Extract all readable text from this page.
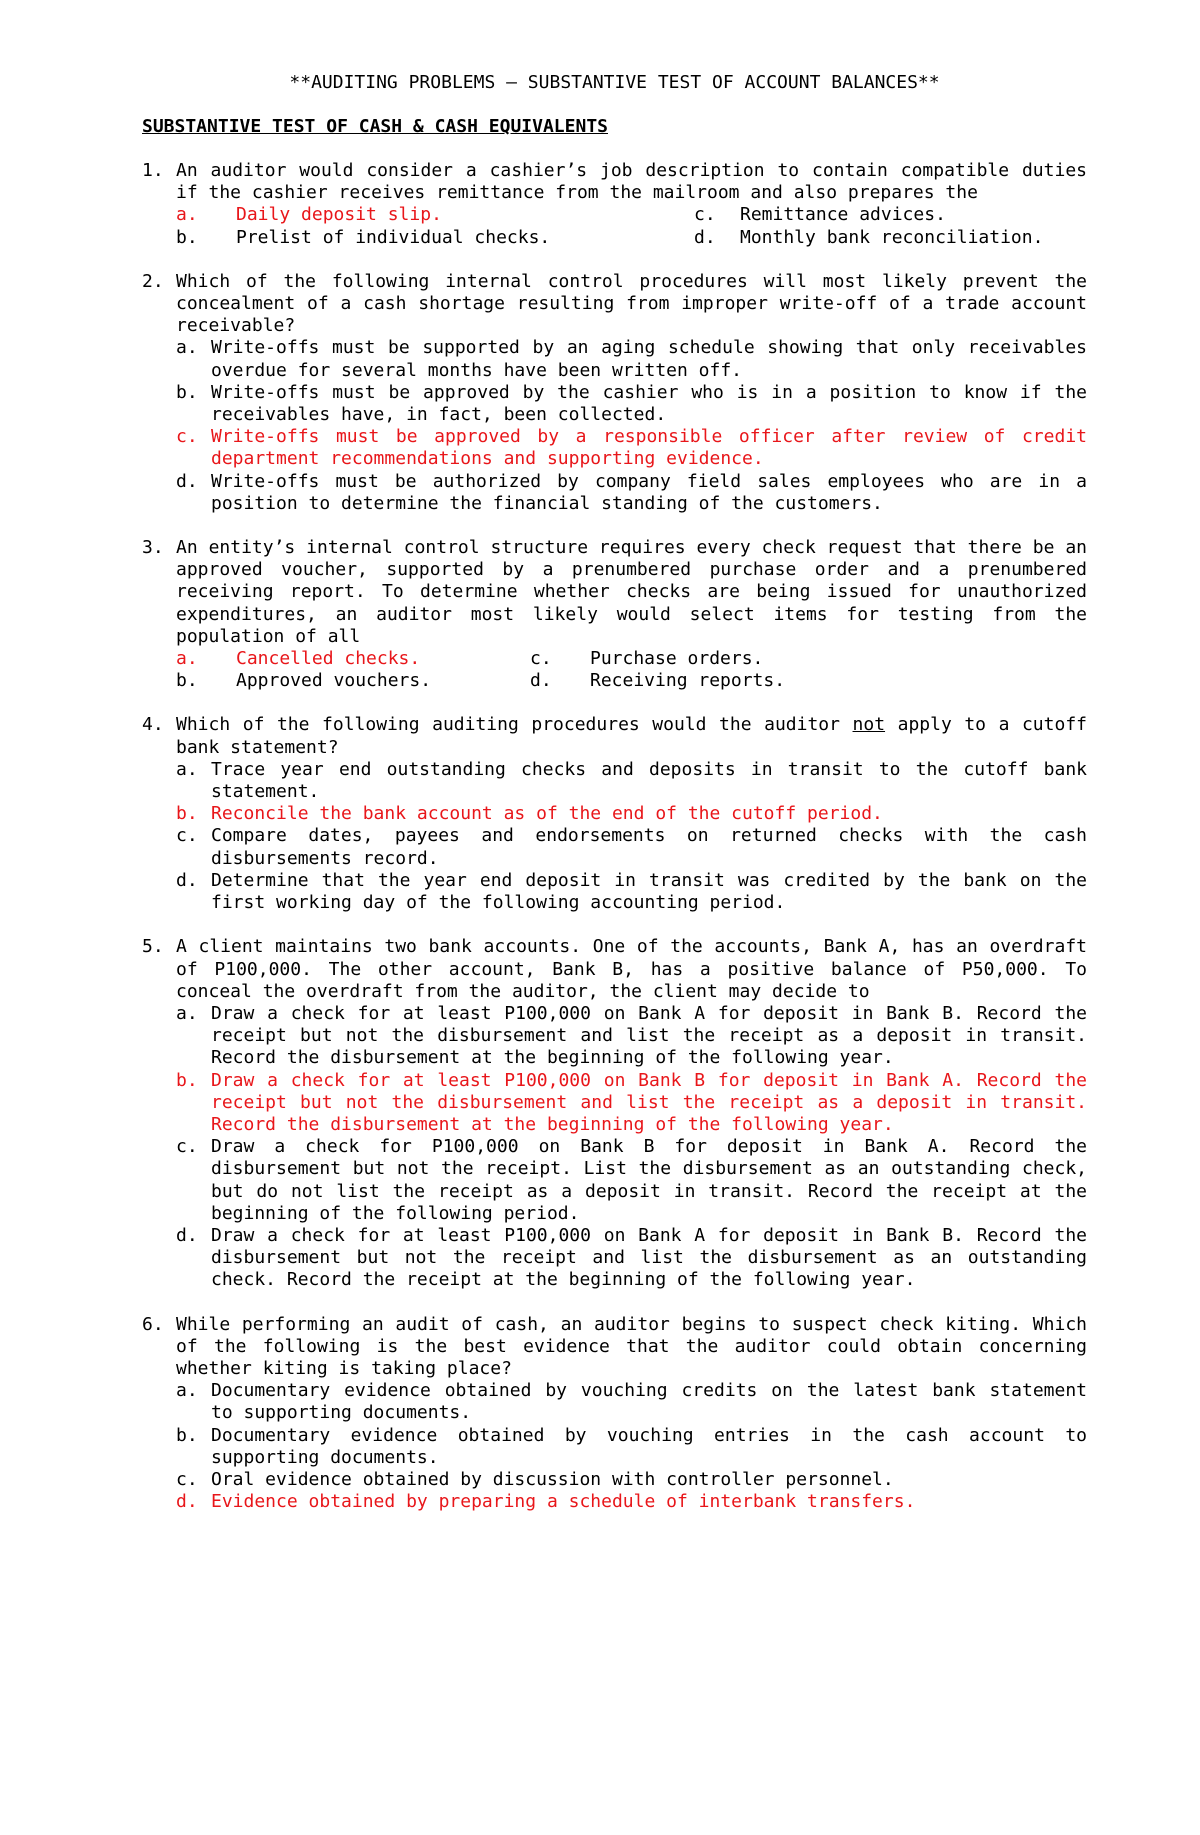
**AUDITING PROBLEMS – SUBSTANTIVE TEST OF ACCOUNT BALANCES**
SUBSTANTIVE TEST OF CASH & CASH EQUIVALENTS
1. An auditor would consider a cashier’s job description to contain compatible duties if the cashier receives remittance from the mailroom and also prepares the
a.	Daily deposit slip.	c.	Remittance advices.
b.	Prelist of individual checks.	d.	Monthly bank reconciliation.
2. Which of the following internal control procedures will most likely prevent the concealment of a cash shortage resulting from improper write-off of a trade account receivable?
a. Write-offs must be supported by an aging schedule showing that only receivables overdue for several months have been written off.
b. Write-offs must be approved by the cashier who is in a position to know if the receivables have, in fact, been collected.
c. Write-offs must be approved by a responsible officer after review of credit department recommendations and supporting evidence.
d. Write-offs must be authorized by company field sales employees who are in a position to determine the financial standing of the customers.
3. An entity’s internal control structure requires every check request that there be an approved voucher, supported by a prenumbered purchase order and a prenumbered receiving report. To determine whether checks are being issued for unauthorized expenditures, an auditor most likely would select items for testing from the population of all
a.	Cancelled checks.	c.	Purchase orders.
b.	Approved vouchers.	d.	Receiving reports.
4. Which of the following auditing procedures would the auditor not apply to a cutoff bank statement?
a. Trace year end outstanding checks and deposits in transit to the cutoff bank statement.
b. Reconcile the bank account as of the end of the cutoff period.
c. Compare dates, payees and endorsements on returned checks with the cash disbursements record.
d. Determine that the year end deposit in transit was credited by the bank on the first working day of the following accounting period.
5. A client maintains two bank accounts. One of the accounts, Bank A, has an overdraft of P100,000. The other account, Bank B, has a positive balance of P50,000. To conceal the overdraft from the auditor, the client may decide to
a. Draw a check for at least P100,000 on Bank A for deposit in Bank B. Record the receipt but not the disbursement and list the receipt as a deposit in transit. Record the disbursement at the beginning of the following year.
b. Draw a check for at least P100,000 on Bank B for deposit in Bank A. Record the receipt but not the disbursement and list the receipt as a deposit in transit. Record the disbursement at the beginning of the following year.
c. Draw a check for P100,000 on Bank B for deposit in Bank A. Record the disbursement but not the receipt. List the disbursement as an outstanding check, but do not list the receipt as a deposit in transit. Record the receipt at the beginning of the following period.
d. Draw a check for at least P100,000 on Bank A for deposit in Bank B. Record the disbursement but not the receipt and list the disbursement as an outstanding check. Record the receipt at the beginning of the following year.
6. While performing an audit of cash, an auditor begins to suspect check kiting. Which of the following is the best evidence that the auditor could obtain concerning whether kiting is taking place?
a. Documentary evidence obtained by vouching credits on the latest bank statement to supporting documents.
b. Documentary evidence obtained by vouching entries in the cash account to supporting documents.
c. Oral evidence obtained by discussion with controller personnel.
d. Evidence obtained by preparing a schedule of interbank transfers.
